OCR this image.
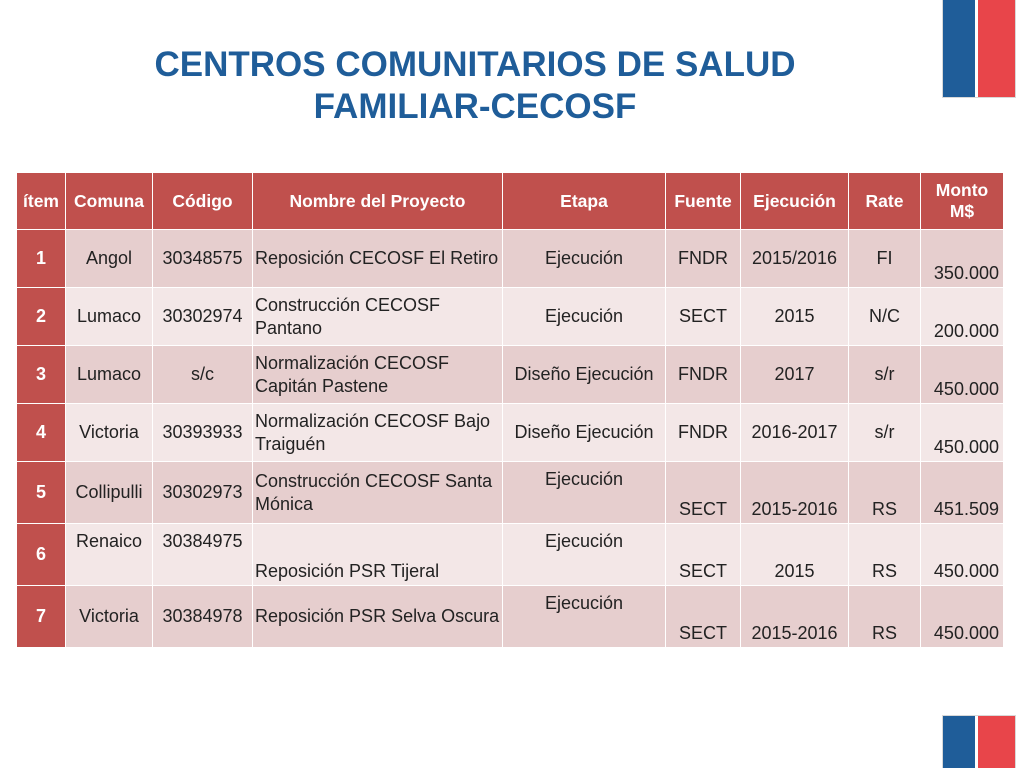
CENTROS COMUNITARIOS DE SALUD
FAMILIAR-CECOSF
ítem	Comuna	Código	Nombre del Proyecto	Etapa	Fuente	Ejecución	Rate	Monto M$
1	Angol	30348575	Reposición CECOSF El Retiro	Ejecución	FNDR	2015/2016	FI	350.000
2	Lumaco	30302974	Construcción CECOSF Pantano	Ejecución	SECT	2015	N/C	200.000
3	Lumaco	s/c	Normalización CECOSF Capitán Pastene	Diseño Ejecución	FNDR	2017	s/r	450.000
4	Victoria	30393933	Normalización CECOSF Bajo Traiguén	Diseño Ejecución	FNDR	2016-2017	s/r	450.000
5	Collipulli	30302973	Construcción CECOSF Santa Mónica	Ejecución	SECT	2015-2016	RS	451.509
6	Renaico	30384975	Reposición PSR Tijeral	Ejecución	SECT	2015	RS	450.000
7	Victoria	30384978	Reposición PSR Selva Oscura	Ejecución	SECT	2015-2016	RS	450.000
